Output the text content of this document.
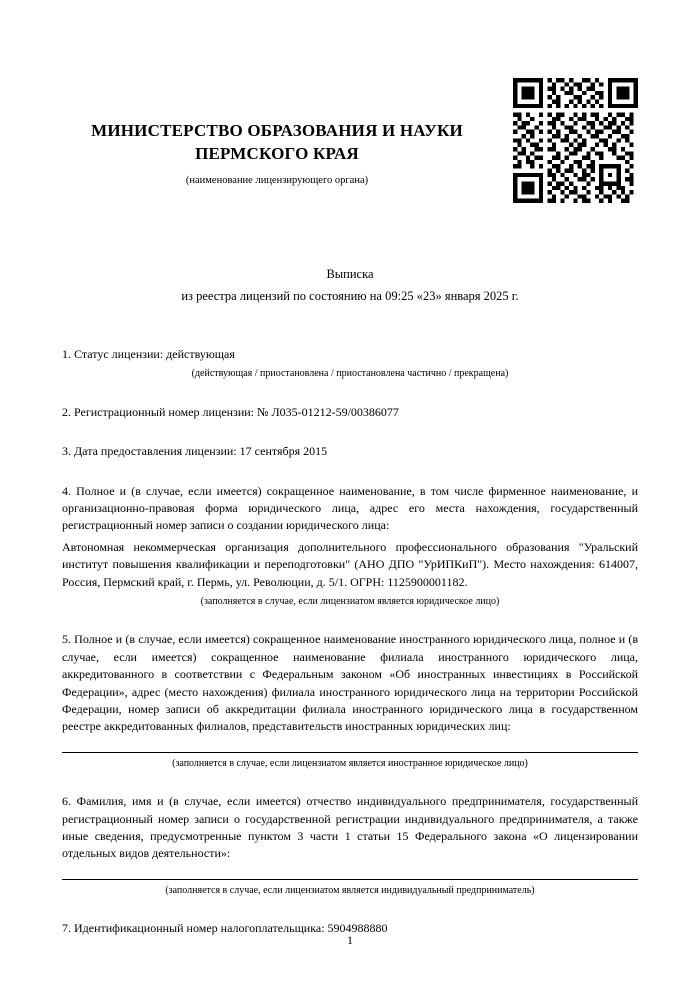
МИНИСТЕРСТВО ОБРАЗОВАНИЯ И НАУКИ ПЕРМСКОГО КРАЯ
(наименование лицензирующего органа)
Выписка
из реестра лицензий по состоянию на 09:25 «23» января 2025 г.
1. Статус лицензии: действующая
(действующая / приостановлена / приостановлена частично / прекращена)
2. Регистрационный номер лицензии: № Л035-01212-59/00386077
3. Дата предоставления лицензии: 17 сентября 2015
4. Полное и (в случае, если имеется) сокращенное наименование, в том числе фирменное наименование, и организационно-правовая форма юридического лица, адрес его места нахождения, государственный регистрационный номер записи о создании юридического лица:
Автономная некоммерческая организация дополнительного профессионального образования "Уральский институт повышения квалификации и переподготовки" (АНО ДПО "УрИПКиП"). Место нахождения: 614007, Россия, Пермский край, г. Пермь, ул. Революции, д. 5/1. ОГРН: 1125900001182.
(заполняется в случае, если лицензиатом является юридическое лицо)
5. Полное и (в случае, если имеется) сокращенное наименование иностранного юридического лица, полное и (в случае, если имеется) сокращенное наименование филиала иностранного юридического лица, аккредитованного в соответствии с Федеральным законом «Об иностранных инвестициях в Российской Федерации», адрес (место нахождения) филиала иностранного юридического лица на территории Российской Федерации, номер записи об аккредитации филиала иностранного юридического лица в государственном реестре аккредитованных филиалов, представительств иностранных юридических лиц:
(заполняется в случае, если лицензиатом является иностранное юридическое лицо)
6. Фамилия, имя и (в случае, если имеется) отчество индивидуального предпринимателя, государственный регистрационный номер записи о государственной регистрации индивидуального предпринимателя, а также иные сведения, предусмотренные пунктом 3 части 1 статьи 15 Федерального закона «О лицензировании отдельных видов деятельности»:
(заполняется в случае, если лицензиатом является индивидуальный предприниматель)
7. Идентификационный номер налогоплательщика: 5904988880
1
